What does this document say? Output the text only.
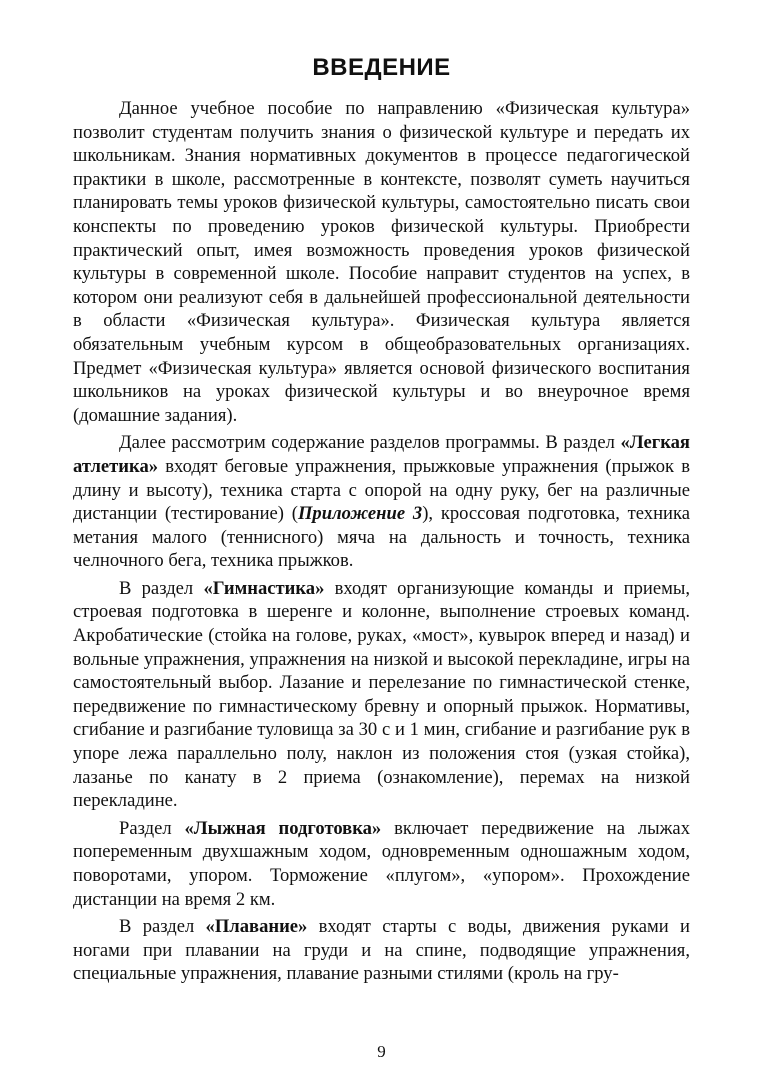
ВВЕДЕНИЕ

Данное учебное пособие по направлению «Физическая культура» позволит студентам получить знания о физической культуре и передать их школьникам. Знания нормативных документов в процессе педагогической практики в школе, рассмотренные в контексте, позволят суметь научиться планировать темы уроков физической культуры, самостоятельно писать свои конспекты по проведению уроков физической культуры. Приобрести практический опыт, имея возможность проведения уроков физической культуры в современной школе. Пособие направит студентов на успех, в котором они реализуют себя в дальнейшей профессиональной деятельности в области «Физическая культура». Физическая культура является обязательным учебным курсом в общеобразовательных организациях. Предмет «Физическая культура» является основой физического воспитания школьников на уроках физической культуры и во внеурочное время (домашние задания).

Далее рассмотрим содержание разделов программы. В раздел «Легкая атлетика» входят беговые упражнения, прыжковые упражнения (прыжок в длину и высоту), техника старта с опорой на одну руку, бег на различные дистанции (тестирование) (Приложение 3), кроссовая подготовка, техника метания малого (теннисного) мяча на дальность и точность, техника челночного бега, техника прыжков.

В раздел «Гимнастика» входят организующие команды и приемы, строевая подготовка в шеренге и колонне, выполнение строевых команд. Акробатические (стойка на голове, руках, «мост», кувырок вперед и назад) и вольные упражнения, упражнения на низкой и высокой перекладине, игры на самостоятельный выбор. Лазание и перелезание по гимнастической стенке, передвижение по гимнастическому бревну и опорный прыжок. Нормативы, сгибание и разгибание туловища за 30 с и 1 мин, сгибание и разгибание рук в упоре лежа параллельно полу, наклон из положения стоя (узкая стойка), лазанье по канату в 2 приема (ознакомление), перемах на низкой перекладине.

Раздел «Лыжная подготовка» включает передвижение на лыжах попеременным двухшажным ходом, одновременным одношажным ходом, поворотами, упором. Торможение «плугом», «упором». Прохождение дистанции на время 2 км.

В раздел «Плавание» входят старты с воды, движения руками и ногами при плавании на груди и на спине, подводящие упражнения, специальные упражнения, плавание разными стилями (кроль на гру-

9
